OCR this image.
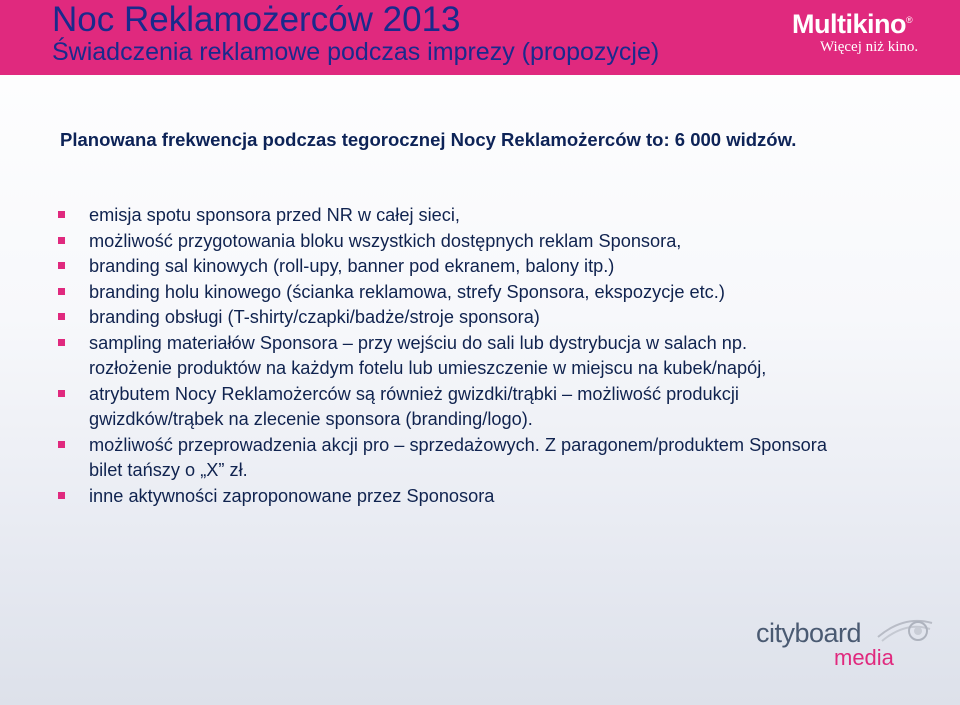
Noc Reklamożerców 2013
Świadczenia reklamowe podczas imprezy (propozycje)
Multikino®
Więcej niż kino.
Planowana frekwencja podczas tegorocznej Nocy Reklamożerców to: 6 000 widzów.
emisja spotu sponsora przed NR w całej sieci,
możliwość przygotowania bloku wszystkich dostępnych reklam Sponsora,
branding sal kinowych (roll-upy, banner pod ekranem, balony itp.)
branding holu kinowego (ścianka reklamowa, strefy Sponsora, ekspozycje etc.)
branding obsługi (T-shirty/czapki/badże/stroje sponsora)
sampling materiałów Sponsora – przy wejściu do sali lub dystrybucja w salach np.
rozłożenie produktów na każdym fotelu lub umieszczenie w miejscu na kubek/napój,
atrybutem Nocy Reklamożerców są również gwizdki/trąbki – możliwość produkcji
gwizdków/trąbek na zlecenie sponsora (branding/logo).
możliwość przeprowadzenia akcji pro – sprzedażowych. Z paragonem/produktem Sponsora
bilet tańszy o „X” zł.
inne aktywności zaproponowane przez Sponosora
cityboard
media
